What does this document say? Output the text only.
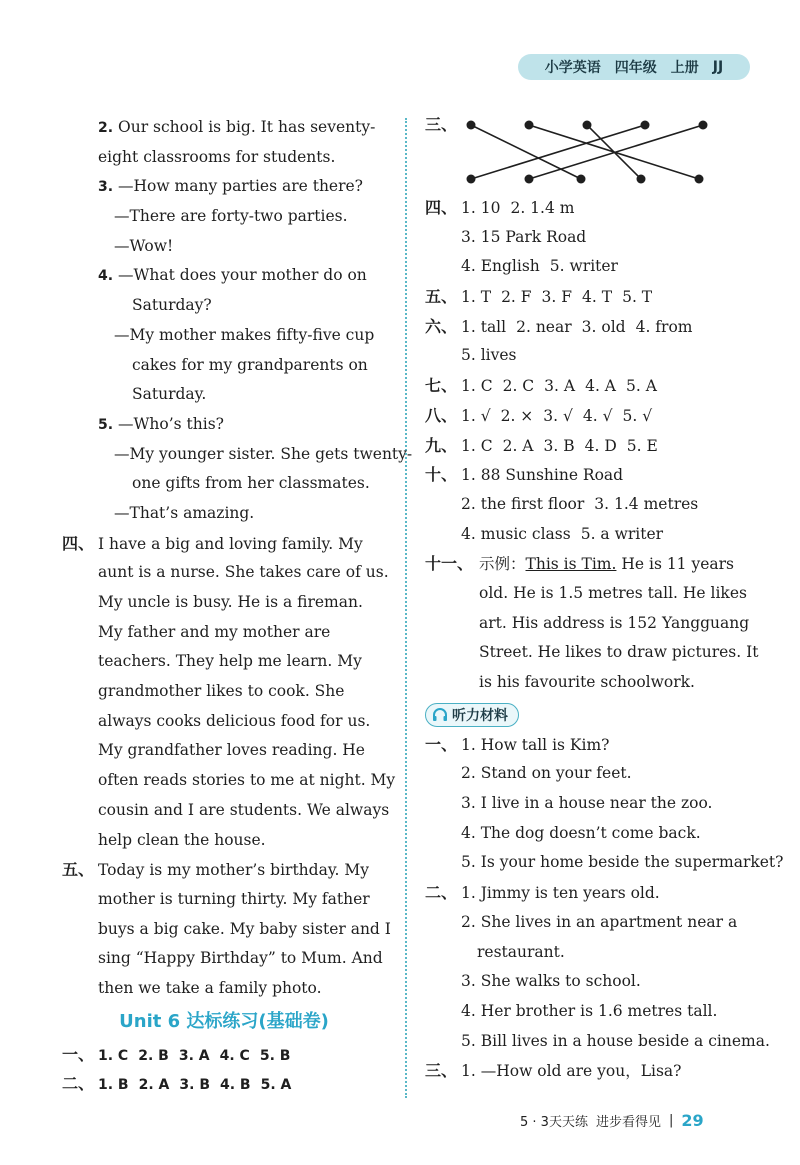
小学英语 四年级 上册 JJ
2. Our school is big. It has seventy-
eight classrooms for students.
3. —How many parties are there?
—There are forty-two parties.
—Wow!
4. —What does your mother do on
Saturday?
—My mother makes fifty-five cup
cakes for my grandparents on
Saturday.
5. —Who’s this?
—My younger sister. She gets twenty-
one gifts from her classmates.
—That’s amazing.
四、 I have a big and loving family. My
aunt is a nurse. She takes care of us.
My uncle is busy. He is a fireman.
My father and my mother are
teachers. They help me learn. My
grandmother likes to cook. She
always cooks delicious food for us.
My grandfather loves reading. He
often reads stories to me at night. My
cousin and I are students. We always
help clean the house.
五、 Today is my mother’s birthday. My
mother is turning thirty. My father
buys a big cake. My baby sister and I
sing “Happy Birthday” to Mum. And
then we take a family photo.
Unit 6 达标练习(基础卷)
一、 1. C 2. B 3. A 4. C 5. B
二、 1. B 2. A 3. B 4. B 5. A
三、
四、 1. 10 2. 1.4 m
3. 15 Park Road
4. English 5. writer
五、 1. T 2. F 3. F 4. T 5. T
六、 1. tall 2. near 3. old 4. from
5. lives
七、 1. C 2. C 3. A 4. A 5. A
八、 1. √ 2. × 3. √ 4. √ 5. √
九、 1. C 2. A 3. B 4. D 5. E
十、 1. 88 Sunshine Road
2. the first floor 3. 1.4 metres
4. music class 5. a writer
十一、 示例：This is Tim. He is 11 years
old. He is 1.5 metres tall. He likes
art. His address is 152 Yangguang
Street. He likes to draw pictures. It
is his favourite schoolwork.
听力材料
一、 1. How tall is Kim?
2. Stand on your feet.
3. I live in a house near the zoo.
4. The dog doesn’t come back.
5. Is your home beside the supermarket?
二、 1. Jimmy is ten years old.
2. She lives in an apartment near a
restaurant.
3. She walks to school.
4. Her brother is 1.6 metres tall.
5. Bill lives in a house beside a cinema.
三、 1. —How old are you，Lisa?
5 · 3天天练 进步看得见 | 29
